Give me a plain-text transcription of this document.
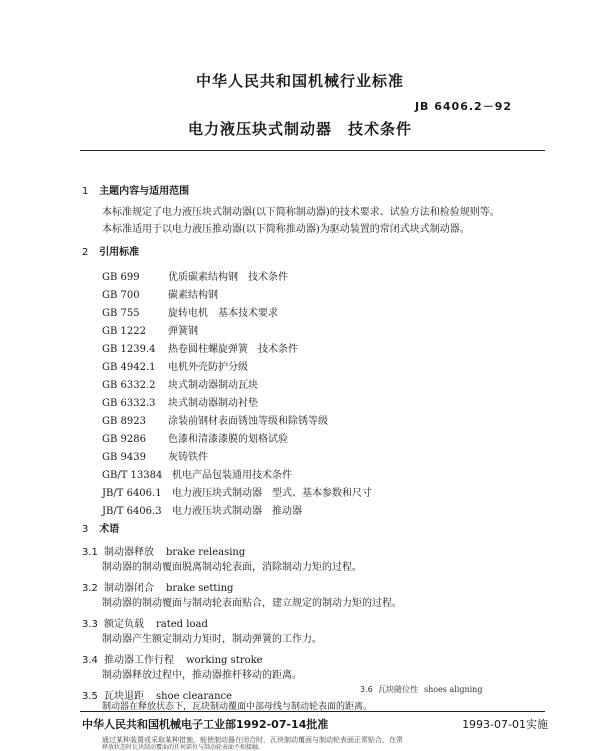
中华人民共和国机械行业标准
JB 6406.2－92
电力液压块式制动器　技术条件
1 主题内容与适用范围
本标准规定了电力液压块式制动器(以下简称制动器)的技术要求、试验方法和检验规则等。
本标准适用于以电力液压推动器(以下简称推动器)为驱动装置的常闭式块式制动器。
2 引用标准
GB 699	优质碳素结构钢　技术条件
GB 700	碳素结构钢
GB 755	旋转电机　基本技术要求
GB 1222 弹簧钢
GB 1239.4 热卷圆柱螺旋弹簧　技术条件
GB 4942.1 电机外壳防护分级
GB 6332.2 块式制动器制动瓦块
GB 6332.3 块式制动器制动衬垫
GB 8923 涂装前钢材表面锈蚀等级和除锈等级
GB 9286 色漆和清漆漆膜的划格试验
GB 9439 灰铸铁件
GB/T 13384 机电产品包装通用技术条件
JB/T 6406.1 电力液压块式制动器　型式、基本参数和尺寸
JB/T 6406.3 电力液压块式制动器　推动器
3 术语
3.1 制动器释放 brake releasing
制动器的制动覆面脱离制动轮表面，消除制动力矩的过程。
3.2 制动器闭合 brake setting
制动器的制动覆面与制动轮表面贴合，建立规定的制动力矩的过程。
3.3 额定负载 rated load
制动器产生额定制动力矩时，制动弹簧的工作力。
3.4 推动器工作行程 working stroke
制动器释放过程中，推动器推杆移动的距离。
3.5 瓦块退距 shoe clearance
制动器在释放状态下，瓦块制动覆面中部母线与制动轮表面的距离。
3.6 瓦块随位性 shoes aligning
中华人民共和国机械电子工业部1992-07-14批准	1993-07-01实施
通过某种装置或采取某种措施，能使制动器在闭合时，瓦块制动覆面与制动轮表面正常贴合，在常
释放状态时瓦块制动覆面的任何部位与制动轮表面不相接触。
